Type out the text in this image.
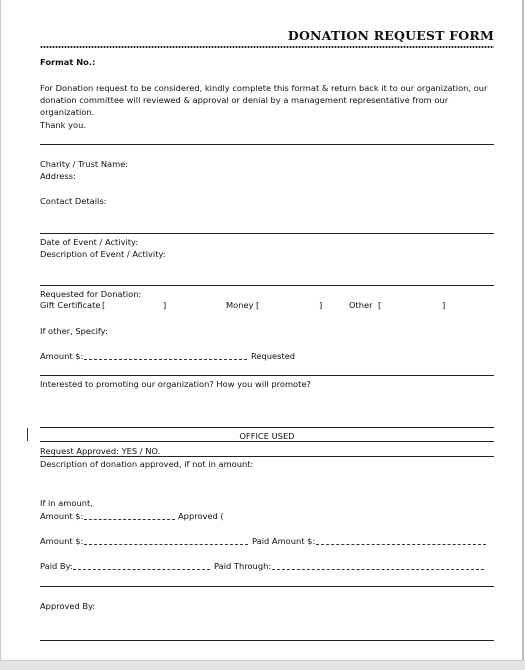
DONATION REQUEST FORM
Format No.:
For Donation request to be considered, kindly complete this format & return back it to our organization, our
donation committee will reviewed & approval or denial by a management representative from our
organization.
Thank you.
Charity / Trust Name:
Address:
Contact Details:
Date of Event / Activity:
Description of Event / Activity:
Requested for Donation:
Gift Certificate [	]	Money [	]	Other [	]
If other, Specify:
Amount $:	Requested
Interested to promoting our organization? How you will promote?
OFFICE USED
Request Approved: YES / NO.
Description of donation approved, if not in amount:
If in amount,
Amount $:	Approved (
Amount $:	Paid Amount $:
Paid By:	Paid Through:
Approved By:
